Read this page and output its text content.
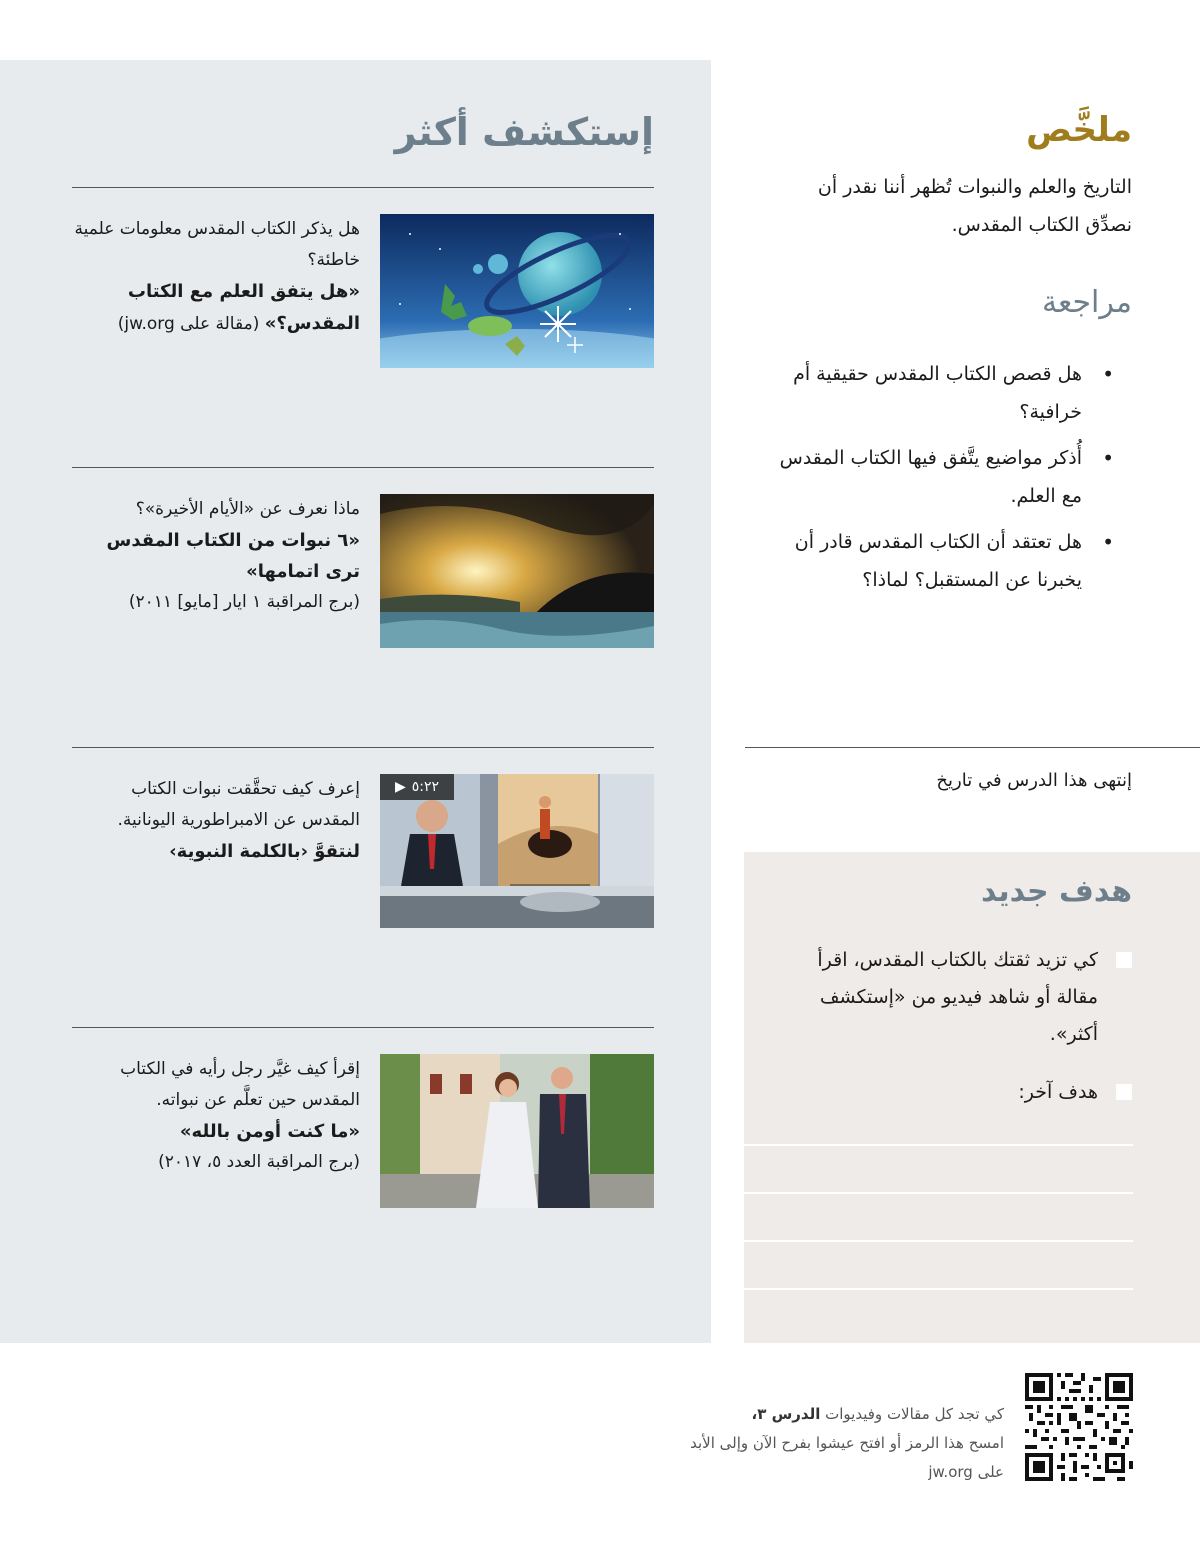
إستكشف أكثر
هل يذكر الكتاب المقدس معلومات علمية خاطئة؟
«هل يتفق العلم مع الكتاب المقدس؟» (مقالة على jw.org)
ماذا نعرف عن «الأيام الأخيرة»؟
«٦ نبوات من الكتاب المقدس ترى اتمامها»
(برج المراقبة ١ ايار [مايو] ٢٠١١)
▶ ٥:٢٢
إعرف كيف تحقَّقت نبوات الكتاب المقدس عن الامبراطورية اليونانية.
لنتقوَّ ‹بالكلمة النبوية›
إقرأ كيف غيَّر رجل رأيه في الكتاب المقدس حين تعلَّم عن نبواته.
«ما كنت أومن بالله»
(برج المراقبة العدد ٥، ٢٠١٧)
ملخَّص
التاريخ والعلم والنبوات تُظهر أننا نقدر أن نصدِّق الكتاب المقدس.
مراجعة
•
هل قصص الكتاب المقدس حقيقية أم خرافية؟
•
أُذكر مواضيع يتَّفق فيها الكتاب المقدس مع العلم.
•
هل تعتقد أن الكتاب المقدس قادر أن يخبرنا عن المستقبل؟ لماذا؟
إنتهى هذا الدرس في تاريخ
هدف جديد
كي تزيد ثقتك بالكتاب المقدس، اقرأ مقالة أو شاهد فيديو من «إستكشف أكثر».
هدف آخر:
كي تجد كل مقالات وفيديوات الدرس ٣،
امسح هذا الرمز أو افتح عيشوا بفرح الآن وإلى الأبد على jw.org
